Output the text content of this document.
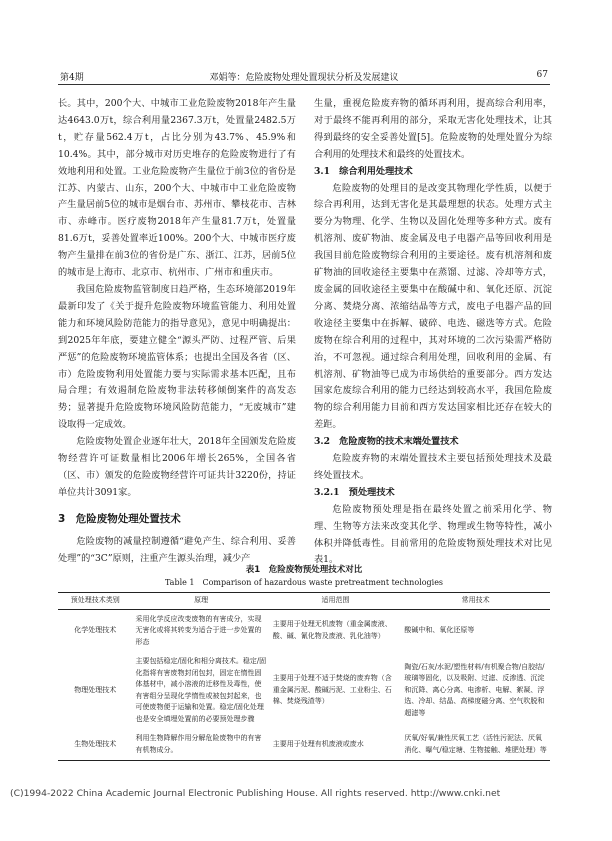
第4期	邓娟等：危险废物处理处置现状分析及发展建议	67

长。其中，200个大、中城市工业危险废物2018年产生量达4643.0万t，综合利用量2367.3万t，处置量2482.5万t，贮存量562.4万t，占比分别为43.7%、45.9%和10.4%。其中，部分城市对历史堆存的危险废物进行了有效地利用和处置。工业危险废物产生量位于前3位的省份是江苏、内蒙古、山东，200个大、中城市中工业危险废物产生量居前5位的城市是烟台市、苏州市、攀枝花市、吉林市、赤峰市。医疗废物2018年产生量81.7万t，处置量81.6万t，妥善处置率近100%。200个大、中城市医疗废物产生量排在前3位的省份是广东、浙江、江苏，居前5位的城市是上海市、北京市、杭州市、广州市和重庆市。

我国危险废物监管制度日趋严格，生态环境部2019年最新印发了《关于提升危险废物环境监管能力、利用处置能力和环境风险防范能力的指导意见》，意见中明确提出：到2025年年底，要建立健全“源头严防、过程严管、后果严惩”的危险废物环境监管体系；也提出全国及各省（区、市）危险废物利用处置能力要与实际需求基本匹配，且布局合理；有效遏制危险废物非法转移倾倒案件的高发态势；显著提升危险废物环境风险防范能力，“无废城市”建设取得一定成效。

危险废物处置企业逐年壮大，2018年全国颁发危险废物经营许可证数量相比2006年增长265%，全国各省（区、市）颁发的危险废物经营许可证共计3220份，持证单位共计3091家。

3　危险废物处理处置技术

危险废物的减量控制遵循“避免产生、综合利用、妥善处理”的“3C”原则，注重产生源头治理，减少产

生量，重视危险废弃物的循环再利用，提高综合利用率，对于最终不能再利用的部分，采取无害化处理技术，让其得到最终的安全妥善处置[5]。危险废物的处理处置分为综合利用的处理技术和最终的处置技术。

3.1　综合利用处理技术

危险废物的处理目的是改变其物理化学性质，以便于综合再利用，达到无害化是其最理想的状态。处理方式主要分为物理、化学、生物以及固化处理等多种方式。废有机溶剂、废矿物油、废金属及电子电器产品等回收利用是我国目前危险废物综合利用的主要途径。废有机溶剂和废矿物油的回收途径主要集中在蒸馏、过滤、冷却等方式，废金属的回收途径主要集中在酸碱中和、氧化还原、沉淀分离、焚烧分离、浓缩结晶等方式，废电子电器产品的回收途径主要集中在拆解、破碎、电选、磁选等方式。危险废物在综合利用的过程中，其对环境的二次污染需严格防治，不可忽视。通过综合利用处理，回收利用的金属、有机溶剂、矿物油等已成为市场供给的重要部分。西方发达国家危废综合利用的能力已经达到较高水平，我国危险废物的综合利用能力目前和西方发达国家相比还存在较大的差距。

3.2　危险废物的技术末端处置技术

危险废弃物的末端处置技术主要包括预处理技术及最终处置技术。

3.2.1　预处理技术

危险废物预处理是指在最终处置之前采用化学、物理、生物等方法来改变其化学、物理或生物等特性，减小体积并降低毒性。目前常用的危险废物预处理技术对比见表1。

表1　危险废物预处理技术对比
Table 1　Comparison of hazardous waste pretreatment technologies
预处理技术类别	原理	适用范围	常用技术
化学处理技术	采用化学反应改变废物的有害成分，实现无害化或将其转变为适合于进一步处置的形态	主要用于处理无机废物（重金属废液、酸、碱、氰化物及废液、乳化油等）	酸碱中和、氧化还原等
物理处理技术	主要包括稳定/固化和相分离技术。稳定/固化指将有害废物封闭包封，固定在惰性固体基材中，减小溶液的迁移性及毒性，使有害组分呈现化学惰性或被包封起来，也可使废物便于运输和处置。稳定/固化处理也是安全填埋处置前的必要预处理步骤	主要用于处理不适于焚烧的废弃物（含重金属污泥、酸碱污泥、工业粉尘、石棉、焚烧残渣等）	陶瓷/石灰/水泥/塑性材料/有机聚合物/自胶结/玻璃等固化，以及吸附、过滤、反渗透、沉淀和沉降、离心分离、电渗析、电解、絮凝、浮选、冷却、结晶、高梯度磁分离、空气吹脱和超滤等
生物处理技术	利用生物降解作用分解危险废物中的有害有机物成分。	主要用于处理有机废液或废水	厌氧/好氧/兼性厌氧工艺（活性污泥法、厌氧消化、曝气/稳定塘、生物接触、堆肥处理）等
(C)1994-2022 China Academic Journal Electronic Publishing House. All rights reserved. http://www.cnki.net
